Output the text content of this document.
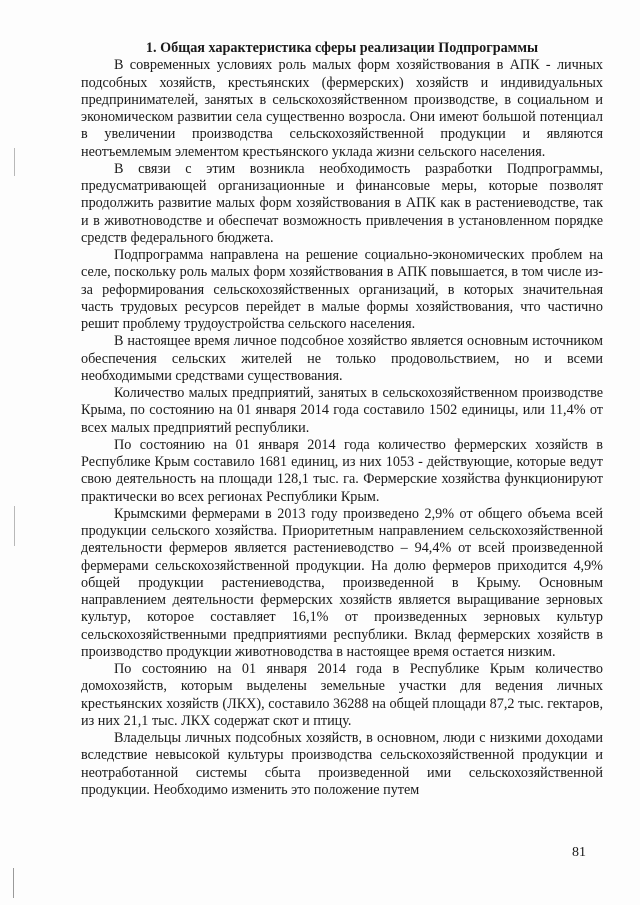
1. Общая характеристика сферы реализации Подпрограммы

В современных условиях роль малых форм хозяйствования в АПК - личных подсобных хозяйств, крестьянских (фермерских) хозяйств и индивидуальных предпринимателей, занятых в сельскохозяйственном производстве, в социальном и экономическом развитии села существенно возросла. Они имеют большой потенциал в увеличении производства сельскохозяйственной продукции и являются неотъемлемым элементом крестьянского уклада жизни сельского населения.

В связи с этим возникла необходимость разработки Подпрограммы, предусматривающей организационные и финансовые меры, которые позволят продолжить развитие малых форм хозяйствования в АПК как в растениеводстве, так и в животноводстве и обеспечат возможность привлечения в установленном порядке средств федерального бюджета.

Подпрограмма направлена на решение социально-экономических проблем на селе, поскольку роль малых форм хозяйствования в АПК повышается, в том числе из-за реформирования сельскохозяйственных организаций, в которых значительная часть трудовых ресурсов перейдет в малые формы хозяйствования, что частично решит проблему трудоустройства сельского населения.

В настоящее время личное подсобное хозяйство является основным источником обеспечения сельских жителей не только продовольствием, но и всеми необходимыми средствами существования.

Количество малых предприятий, занятых в сельскохозяйственном производстве Крыма, по состоянию на 01 января 2014 года составило 1502 единицы, или 11,4% от всех малых предприятий республики.

По состоянию на 01 января 2014 года количество фермерских хозяйств в Республике Крым составило 1681 единиц, из них 1053 - действующие, которые ведут свою деятельность на площади 128,1 тыс. га. Фермерские хозяйства функционируют практически во всех регионах Республики Крым.

Крымскими фермерами в 2013 году произведено 2,9% от общего объема всей продукции сельского хозяйства. Приоритетным направлением сельскохозяйственной деятельности фермеров является растениеводство – 94,4% от всей произведенной фермерами сельскохозяйственной продукции. На долю фермеров приходится 4,9% общей продукции растениеводства, произведенной в Крыму. Основным направлением деятельности фермерских хозяйств является выращивание зерновых культур, которое составляет 16,1% от произведенных зерновых культур сельскохозяйственными предприятиями республики. Вклад фермерских хозяйств в производство продукции животноводства в настоящее время остается низким.

По состоянию на 01 января 2014 года в Республике Крым количество домохозяйств, которым выделены земельные участки для ведения личных крестьянских хозяйств (ЛКХ), составило 36288 на общей площади 87,2 тыс. гектаров, из них 21,1 тыс. ЛКХ содержат скот и птицу.

Владельцы личных подсобных хозяйств, в основном, люди с низкими доходами вследствие невысокой культуры производства сельскохозяйственной продукции и неотработанной системы сбыта произведенной ими сельскохозяйственной продукции. Необходимо изменить это положение путем

81
